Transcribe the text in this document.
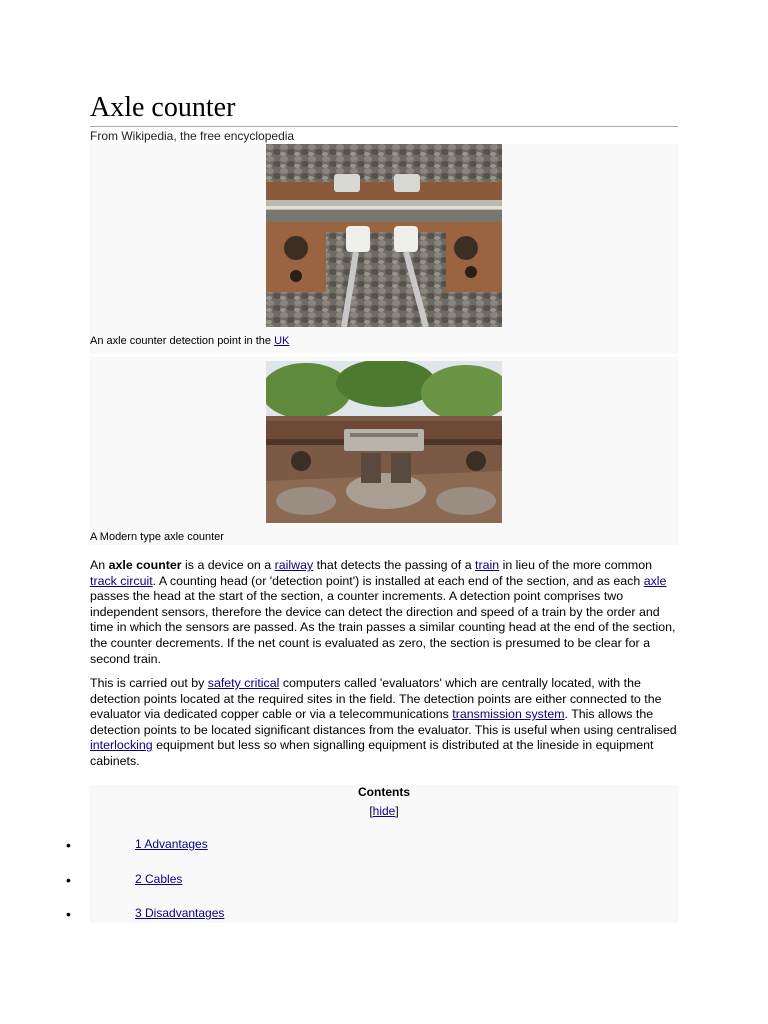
Axle counter
From Wikipedia, the free encyclopedia
An axle counter detection point in the UK
A Modern type axle counter

An axle counter is a device on a railway that detects the passing of a train in lieu of the more common track circuit. A counting head (or 'detection point') is installed at each end of the section, and as each axle passes the head at the start of the section, a counter increments. A detection point comprises two independent sensors, therefore the device can detect the direction and speed of a train by the order and time in which the sensors are passed. As the train passes a similar counting head at the end of the section, the counter decrements. If the net count is evaluated as zero, the section is presumed to be clear for a second train.

This is carried out by safety critical computers called 'evaluators' which are centrally located, with the detection points located at the required sites in the field. The detection points are either connected to the evaluator via dedicated copper cable or via a telecommunications transmission system. This allows the detection points to be located significant distances from the evaluator. This is useful when using centralised interlocking equipment but less so when signalling equipment is distributed at the lineside in equipment cabinets.

Contents
[hide]
1 Advantages
2 Cables
3 Disadvantages
•
•
•
